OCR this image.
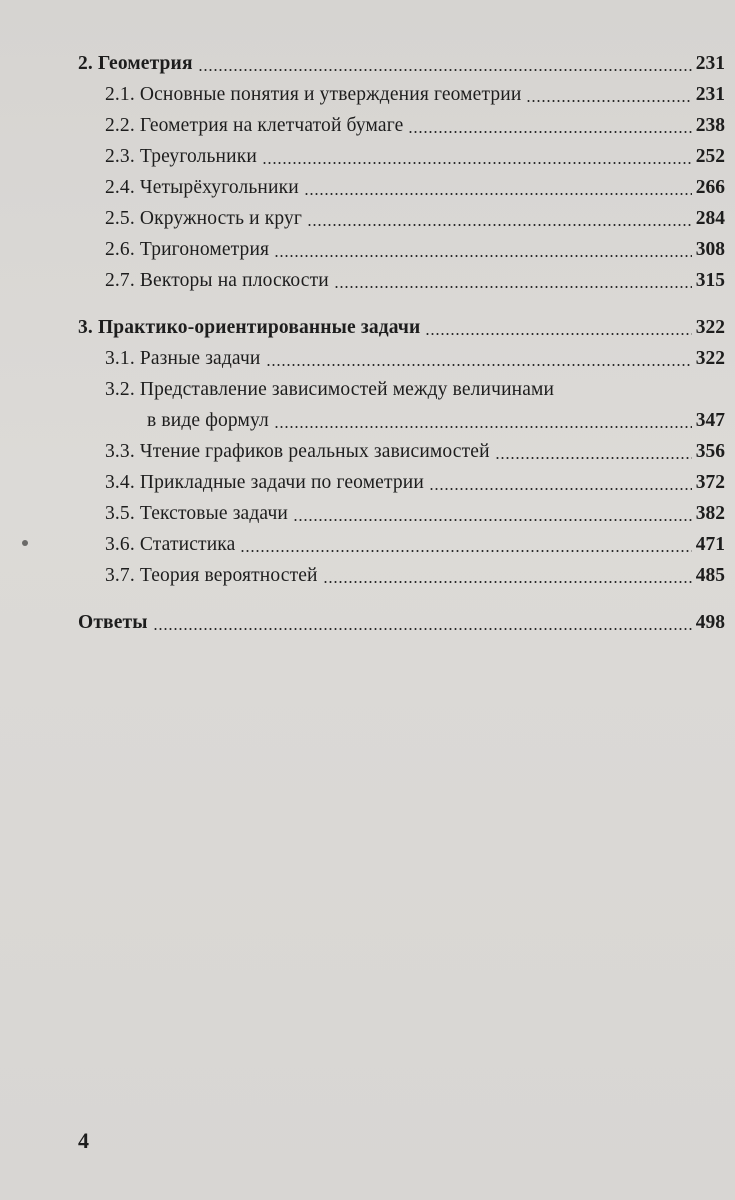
2. Геометрия	231
2.1. Основные понятия и утверждения геометрии	231
2.2. Геометрия на клетчатой бумаге	238
2.3. Треугольники	252
2.4. Четырёхугольники	266
2.5. Окружность и круг	284
2.6. Тригонометрия	308
2.7. Векторы на плоскости	315
3. Практико-ориентированные задачи	322
3.1. Разные задачи	322
3.2. Представление зависимостей между величинами
в виде формул	347
3.3. Чтение графиков реальных зависимостей	356
3.4. Прикладные задачи по геометрии	372
3.5. Текстовые задачи	382
3.6. Статистика	471
3.7. Теория вероятностей	485
Ответы	498
4
